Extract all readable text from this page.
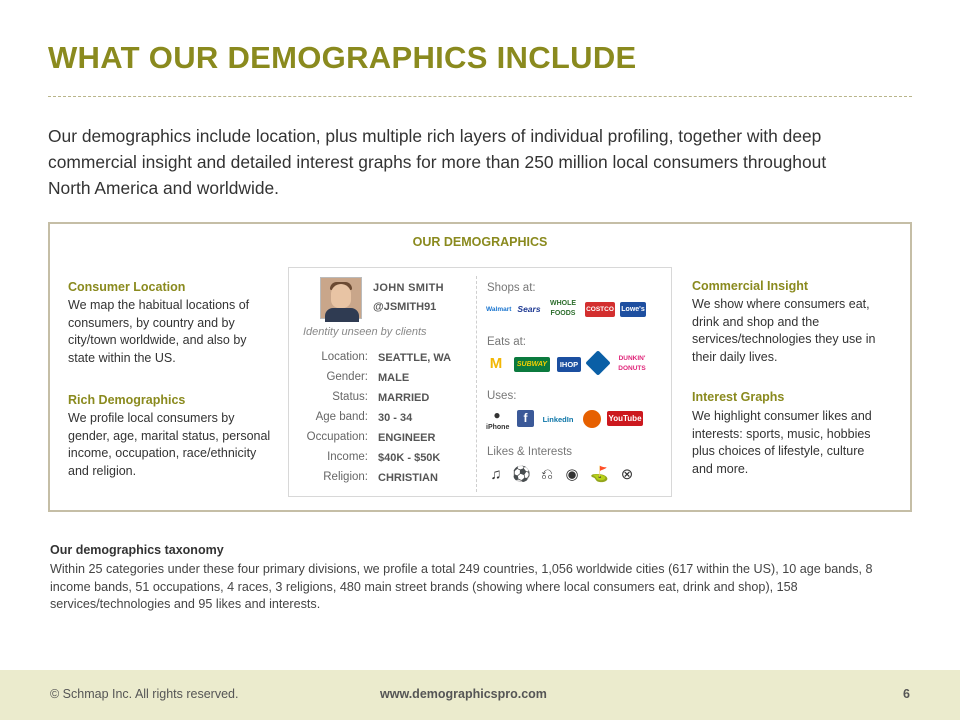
WHAT OUR DEMOGRAPHICS INCLUDE
Our demographics include location, plus multiple rich layers of individual profiling, together with deep commercial insight and detailed interest graphs for more than 250 million local consumers throughout North America and worldwide.
OUR DEMOGRAPHICS
Consumer Location
We map the habitual locations of consumers, by country and by city/town worldwide, and also by state within the US.
Rich Demographics
We profile local consumers by gender, age, marital status, personal income, occupation, race/ethnicity and religion.
Commercial Insight
We show where consumers eat, drink and shop and the services/technologies they use in their daily lives.
Interest Graphs
We highlight consumer likes and interests: sports, music, hobbies plus choices of lifestyle, culture and more.
JOHN SMITH
@JSMITH91
Identity unseen by clients
Location: SEATTLE, WA
Gender: MALE
Status: MARRIED
Age band: 30 - 34
Occupation: ENGINEER
Income: $40K - $50K
Religion: CHRISTIAN
Shops at:
Walmart Sears
WHOLE FOODS
COSTCO Lowe's
Eats at:
M	SUBWAY	IHOP
DUNKIN' DONUTS
Uses:
●
iPhone
f	LinkedIn	YouTube
Likes & Interests
♫ ⚽ ⎌ ◉ ⛳ ⊗
Our demographics taxonomy
Within 25 categories under these four primary divisions, we profile a total 249 countries, 1,056 worldwide cities (617 within the US), 10 age bands, 8 income bands, 51 occupations, 4 races, 3 religions, 480 main street brands (showing where local consumers eat, drink and shop), 158 services/technologies and 95 likes and interests.
© Schmap Inc. All rights reserved.	www.demographicspro.com	6
